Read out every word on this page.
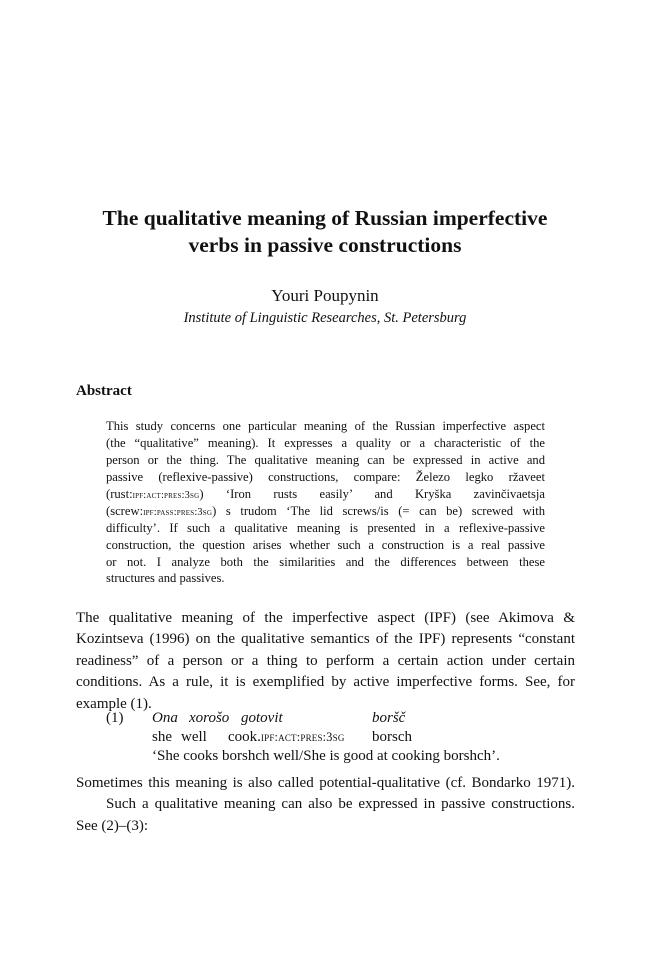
The qualitative meaning of Russian imperfective
verbs in passive constructions

Youri Poupynin

Institute of Linguistic Researches, St. Petersburg

Abstract
This study concerns one particular meaning of the Russian imperfective aspect
(the “qualitative” meaning). It expresses a quality or a characteristic of the
person or the thing. The qualitative meaning can be expressed in active and
passive (reflexive-passive) constructions, compare: Železo legko ržaveet
(rust:ipf:act:pres:3sg) ‘Iron rusts easily’ and Kryška zavinčivaetsja
(screw:ipf:pass:pres:3sg) s trudom ‘The lid screws/is (= can be) screwed with
difficulty’. If such a qualitative meaning is presented in a reflexive-passive
construction, the question arises whether such a construction is a real passive
or not. I analyze both the similarities and the differences between these
structures and passives.
The qualitative meaning of the imperfective aspect (IPF) (see Akimova &
Kozintseva (1996) on the qualitative semantics of the IPF) represents “constant
readiness” of a person or a thing to perform a certain action under certain
conditions. As a rule, it is exemplified by active imperfective forms. See, for
example (1).
(1) Ona xorošo gotovit	boršč
she well cook.ipf:act:pres:3sg borsch
‘She cooks borshch well/She is good at cooking borshch’.
Sometimes this meaning is also called potential-qualitative (cf. Bondarko 1971).
Such a qualitative meaning can also be expressed in passive constructions.
See (2)–(3):
